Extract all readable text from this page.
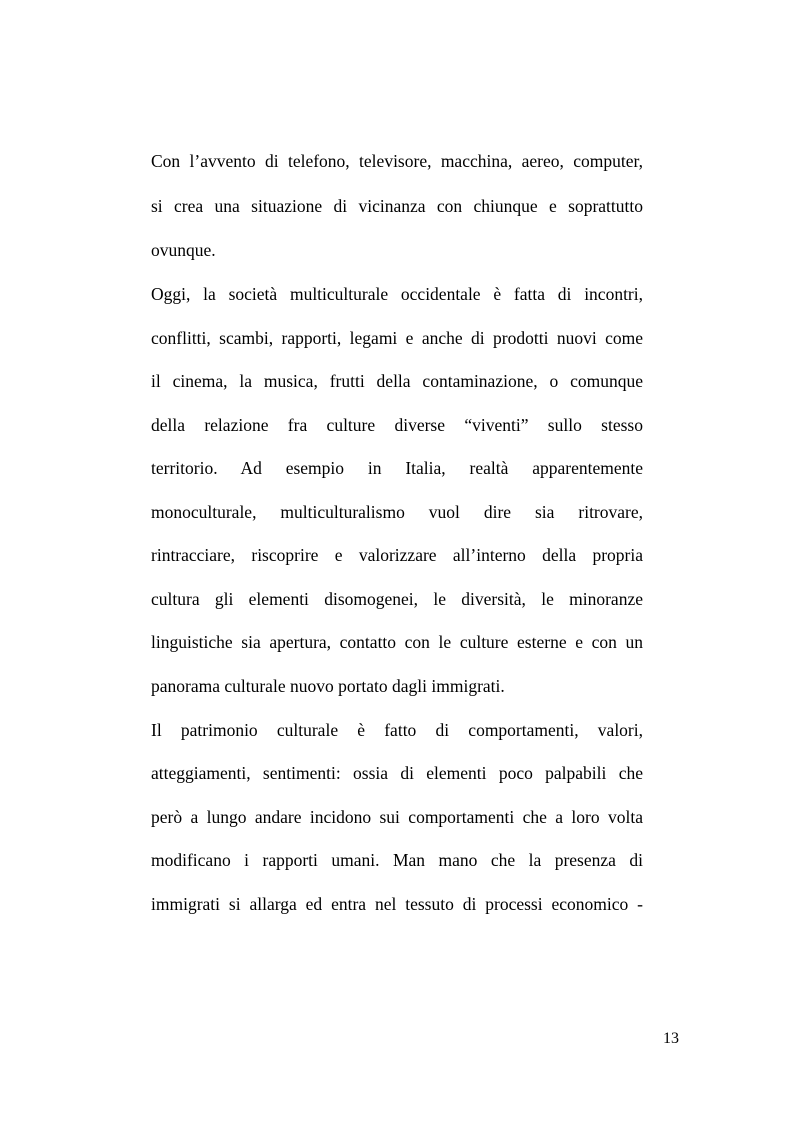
Con l’avvento di telefono, televisore, macchina, aereo, computer,
si crea una situazione di vicinanza con chiunque e soprattutto
ovunque.
Oggi, la società multiculturale occidentale è fatta di incontri,
conflitti, scambi, rapporti, legami e anche di prodotti nuovi come
il cinema, la musica, frutti della contaminazione, o comunque
della relazione fra culture diverse “viventi” sullo stesso
territorio. Ad esempio in Italia, realtà apparentemente
monoculturale, multiculturalismo vuol dire sia ritrovare,
rintracciare, riscoprire e valorizzare all’interno della propria
cultura gli elementi disomogenei, le diversità, le minoranze
linguistiche sia apertura, contatto con le culture esterne e con un
panorama culturale nuovo portato dagli immigrati.
Il patrimonio culturale è fatto di comportamenti, valori,
atteggiamenti, sentimenti: ossia di elementi poco palpabili che
però a lungo andare incidono sui comportamenti che a loro volta
modificano i rapporti umani. Man mano che la presenza di
immigrati si allarga ed entra nel tessuto di processi economico -
13
